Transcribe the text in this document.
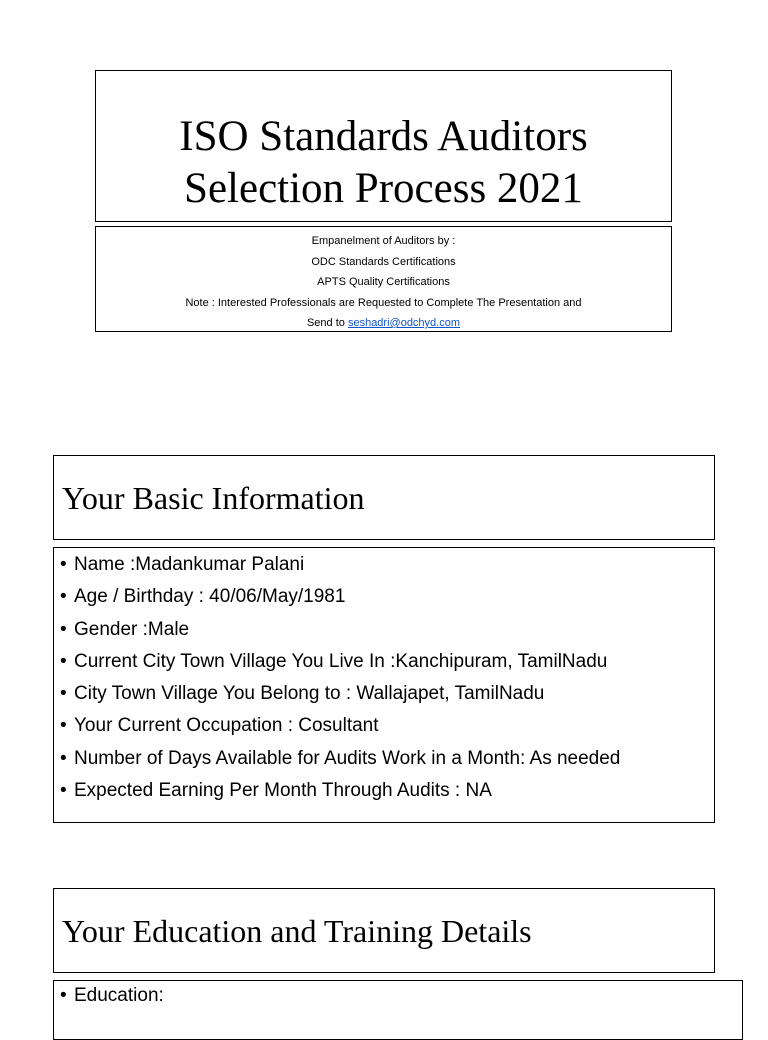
ISO Standards Auditors
Selection Process 2021
Empanelment of Auditors by :
ODC Standards Certifications
APTS Quality Certifications
Note : Interested Professionals are Requested to Complete The Presentation and
Send to seshadri@odchyd.com
Your Basic Information
• Name :Madankumar Palani
• Age / Birthday : 40/06/May/1981
• Gender :Male
• Current City Town Village You Live In :Kanchipuram, TamilNadu
• City Town Village You Belong to : Wallajapet, TamilNadu
• Your Current Occupation : Cosultant
• Number of Days Available for Audits Work in a Month: As needed
• Expected Earning Per Month Through Audits : NA
Your Education and Training Details
• Education:
